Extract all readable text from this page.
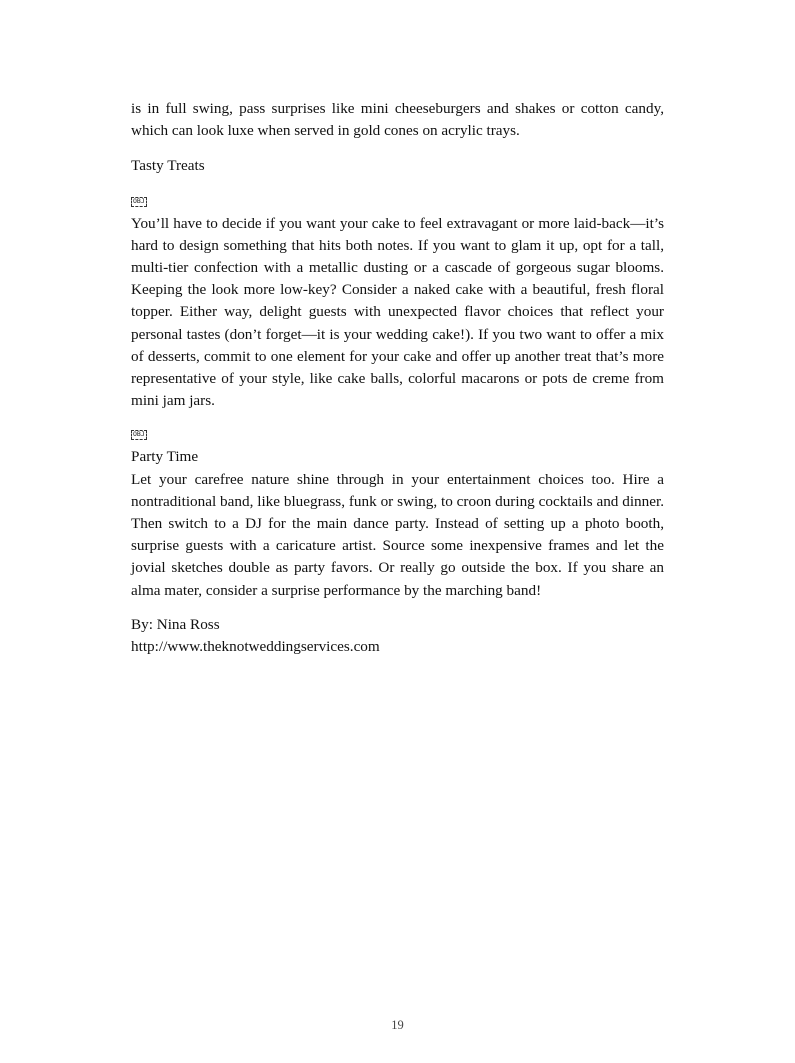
is in full swing, pass surprises like mini cheeseburgers and shakes or cotton candy, which can look luxe when served in gold cones on acrylic trays.

Tasty Treats

OBJ

You’ll have to decide if you want your cake to feel extravagant or more laid-back—it’s hard to design something that hits both notes. If you want to glam it up, opt for a tall, multi-tier confection with a metallic dusting or a cascade of gorgeous sugar blooms. Keeping the look more low-key? Consider a naked cake with a beautiful, fresh floral topper. Either way, delight guests with unexpected flavor choices that reflect your personal tastes (don’t forget—it is your wedding cake!). If you two want to offer a mix of desserts, commit to one element for your cake and offer up another treat that’s more representative of your style, like cake balls, colorful macarons or pots de creme from mini jam jars.

OBJ

Party Time

Let your carefree nature shine through in your entertainment choices too. Hire a nontraditional band, like bluegrass, funk or swing, to croon during cocktails and dinner. Then switch to a DJ for the main dance party. Instead of setting up a photo booth, surprise guests with a caricature artist. Source some inexpensive frames and let the jovial sketches double as party favors. Or really go outside the box. If you share an alma mater, consider a surprise performance by the marching band!

By: Nina Ross

http://www.theknotweddingservices.com

19
